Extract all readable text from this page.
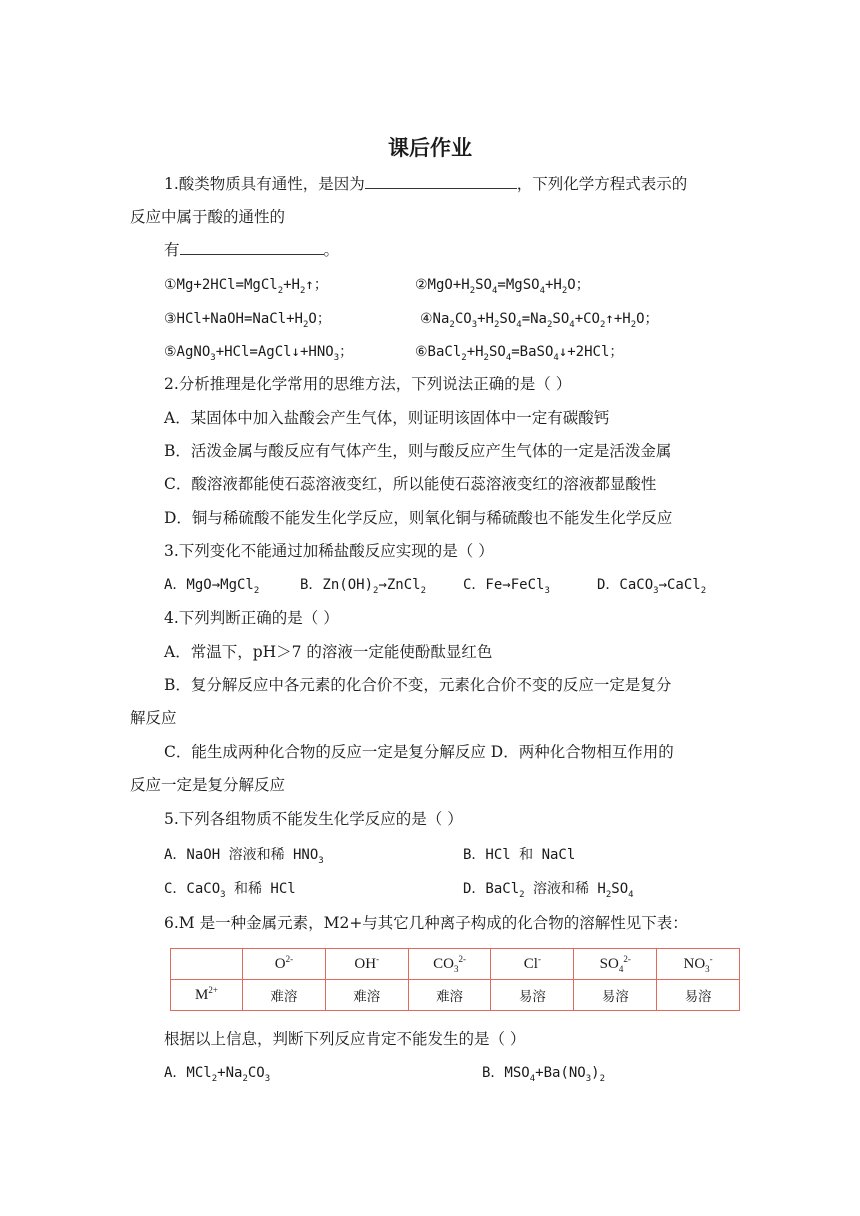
课后作业
1.酸类物质具有通性，是因为	，下列化学方程式表示的
反应中属于酸的通性的
有	。
$①Mg+2HCl=MgCl_2+H_2↑$；	$②MgO+H_2SO_4=MgSO_4+H_2O$；
$③HCl+NaOH=NaCl+H_2O$；	$④Na_2CO_3+H_2SO_4=Na_2SO_4+CO_2↑+H_2O$；
$⑤AgNO_3+HCl=AgCl↓+HNO_3$；	$⑥BaCl_2+H_2SO_4=BaSO_4↓+2HCl$；
2.分析推理是化学常用的思维方法，下列说法正确的是（ ）
A．某固体中加入盐酸会产生气体，则证明该固体中一定有碳酸钙
B．活泼金属与酸反应有气体产生，则与酸反应产生气体的一定是活泼金属
C．酸溶液都能使石蕊溶液变红，所以能使石蕊溶液变红的溶液都显酸性
D．铜与稀硫酸不能发生化学反应，则氧化铜与稀硫酸也不能发生化学反应
3.下列变化不能通过加稀盐酸反应实现的是（ ）
A．MgO→MgCl$_2$	B．$Zn(OH)_2\to ZnCl_2$	C．Fe→FeCl$_3$	D．CaCO$_3$→CaCl$_2$
4.下列判断正确的是（ ）
A．常温下，pH＞7 的溶液一定能使酚酞显红色
B．复分解反应中各元素的化合价不变，元素化合价不变的反应一定是复分
解反应
C．能生成两种化合物的反应一定是复分解反应 D．两种化合物相互作用的
反应一定是复分解反应
5.下列各组物质不能发生化学反应的是（ ）
A．NaOH 溶液和稀 $HNO_3$	B．HCl 和 NaCl
C．CaCO$_3$ 和稀 HCl	D．BaCl$_2$ 溶液和稀 $H_2SO_4$
6.M 是一种金属元素，M2+与其它几种离子构成的化合物的溶解性见下表：
	$O^{2-}$	OH-	$CO_3^{2-}$	Cl-	$SO_4^{2-}$	$NO_3^-$
$M^{2+}$	难溶	难溶	难溶	易溶	易溶	易溶
根据以上信息，判断下列反应肯定不能发生的是（ ）
A．$MCl_2+Na_2CO_3$	B．$MSO_4+Ba(NO_3)_2$
